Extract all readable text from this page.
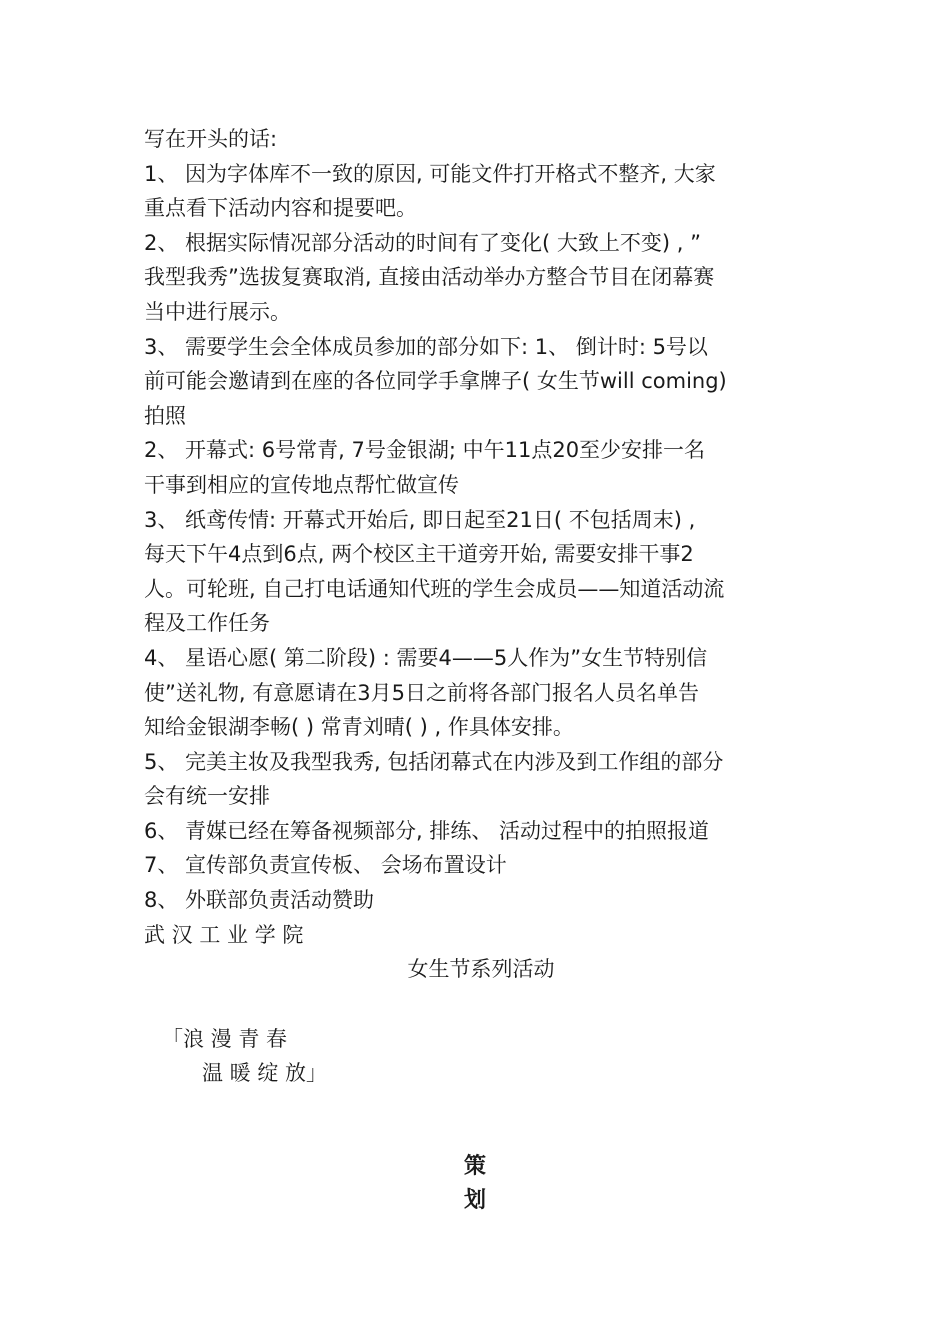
写在开头的话:
1、 因为字体库不一致的原因, 可能文件打开格式不整齐, 大家
重点看下活动内容和提要吧。
2、 根据实际情况部分活动的时间有了变化( 大致上不变) , ”
我型我秀”选拔复赛取消, 直接由活动举办方整合节目在闭幕赛
当中进行展示。
3、 需要学生会全体成员参加的部分如下: 1、 倒计时: 5号以
前可能会邀请到在座的各位同学手拿牌子( 女生节will coming)
拍照
2、 开幕式: 6号常青, 7号金银湖; 中午11点20至少安排一名
干事到相应的宣传地点帮忙做宣传
3、 纸鸢传情: 开幕式开始后, 即日起至21日( 不包括周末) ,
每天下午4点到6点, 两个校区主干道旁开始, 需要安排干事2
人。可轮班, 自己打电话通知代班的学生会成员——知道活动流
程及工作任务
4、 星语心愿( 第二阶段) : 需要4——5人作为”女生节特别信
使”送礼物, 有意愿请在3月5日之前将各部门报名人员名单告
知给金银湖李畅( ) 常青刘晴( ) , 作具体安排。
5、 完美主妆及我型我秀, 包括闭幕式在内涉及到工作组的部分
会有统一安排
6、 青媒已经在筹备视频部分, 排练、 活动过程中的拍照报道
7、 宣传部负责宣传板、 会场布置设计
8、 外联部负责活动赞助
武 汉 工 业 学 院
女生节系列活动
「浪 漫 青 春
温 暖 绽 放」
策
划
